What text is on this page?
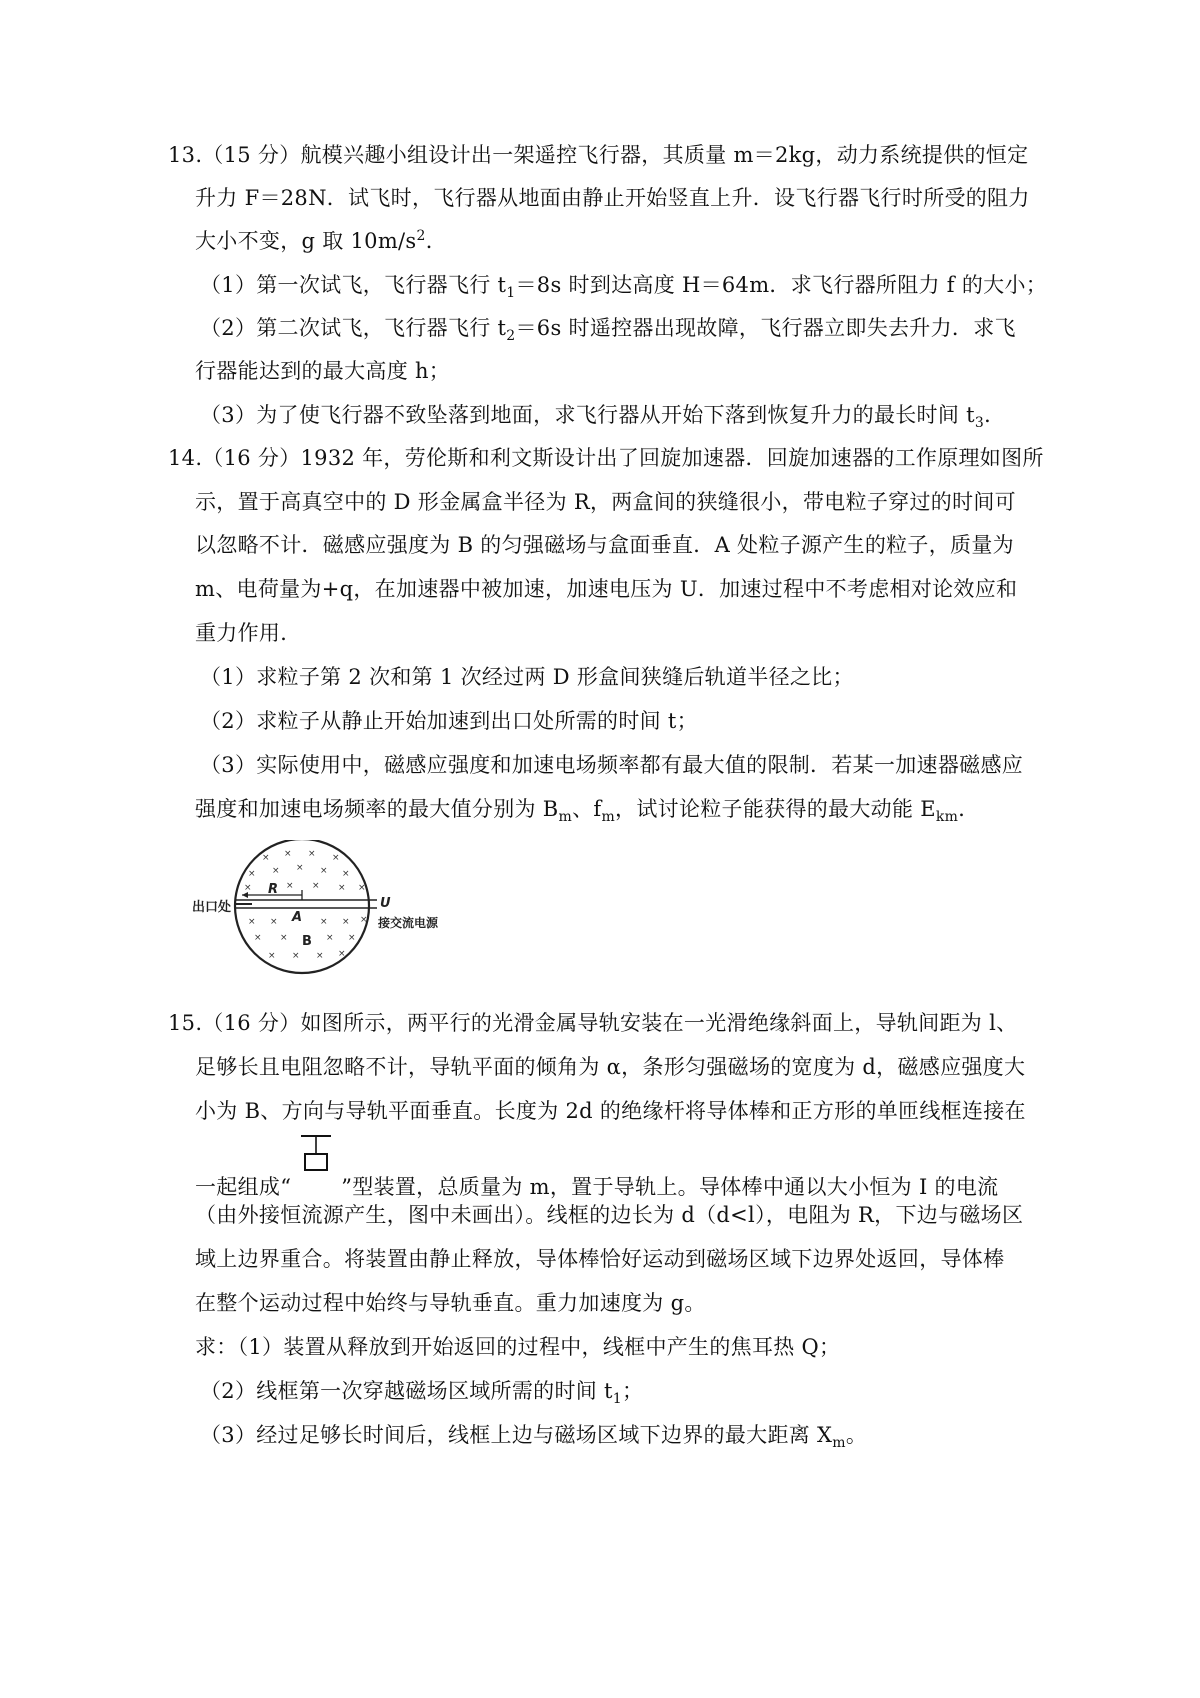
13.（15 分）航模兴趣小组设计出一架遥控飞行器，其质量 m＝2kg，动力系统提供的恒定
升力 F＝28N．试飞时，飞行器从地面由静止开始竖直上升．设飞行器飞行时所受的阻力
大小不变，g 取 $10m/s^2$．
（1）第一次试飞，飞行器飞行 $t_1=8s$ 时到达高度 H＝64m．求飞行器所阻力 f 的大小；
（2）第二次试飞，飞行器飞行 $t_2=6s$ 时遥控器出现故障，飞行器立即失去升力．求飞
行器能达到的最大高度 h；
（3）为了使飞行器不致坠落到地面，求飞行器从开始下落到恢复升力的最长时间 $t_3$．
14.（16 分）1932 年，劳伦斯和利文斯设计出了回旋加速器．回旋加速器的工作原理如图所
示，置于高真空中的 D 形金属盒半径为 R，两盒间的狭缝很小，带电粒子穿过的时间可
以忽略不计．磁感应强度为 B 的匀强磁场与盒面垂直．A 处粒子源产生的粒子，质量为
m、电荷量为+q，在加速器中被加速，加速电压为 U．加速过程中不考虑相对论效应和
重力作用．
（1）求粒子第 2 次和第 1 次经过两 D 形盒间狭缝后轨道半径之比；
（2）求粒子从静止开始加速到出口处所需的时间 t；
（3）实际使用中，磁感应强度和加速电场频率都有最大值的限制．若某一加速器磁感应
强度和加速电场频率的最大值分别为 $B_m$、$f_m$，试讨论粒子能获得的最大动能 $E_{km}$．
× × × ×
× × × × ×
×	× × × ×
× ×	× × ×
× ×	× ×
× × × ×
出口处
R
A
B
U
接交流电源
15.（16 分）如图所示，两平行的光滑金属导轨安装在一光滑绝缘斜面上，导轨间距为 l、
足够长且电阻忽略不计，导轨平面的倾角为 α，条形匀强磁场的宽度为 d，磁感应强度大
小为 B、方向与导轨平面垂直。长度为 2d 的绝缘杆将导体棒和正方形的单匝线框连接在
一起组成“ ”型装置，总质量为 m，置于导轨上。导体棒中通以大小恒为 I 的电流
（由外接恒流源产生，图中未画出）。线框的边长为 d（d<l），电阻为 R，下边与磁场区
域上边界重合。将装置由静止释放，导体棒恰好运动到磁场区域下边界处返回，导体棒
在整个运动过程中始终与导轨垂直。重力加速度为 g。
求：（1）装置从释放到开始返回的过程中，线框中产生的焦耳热 Q；
（2）线框第一次穿越磁场区域所需的时间 $t_1$；
（3）经过足够长时间后，线框上边与磁场区域下边界的最大距离 $X_m$。
